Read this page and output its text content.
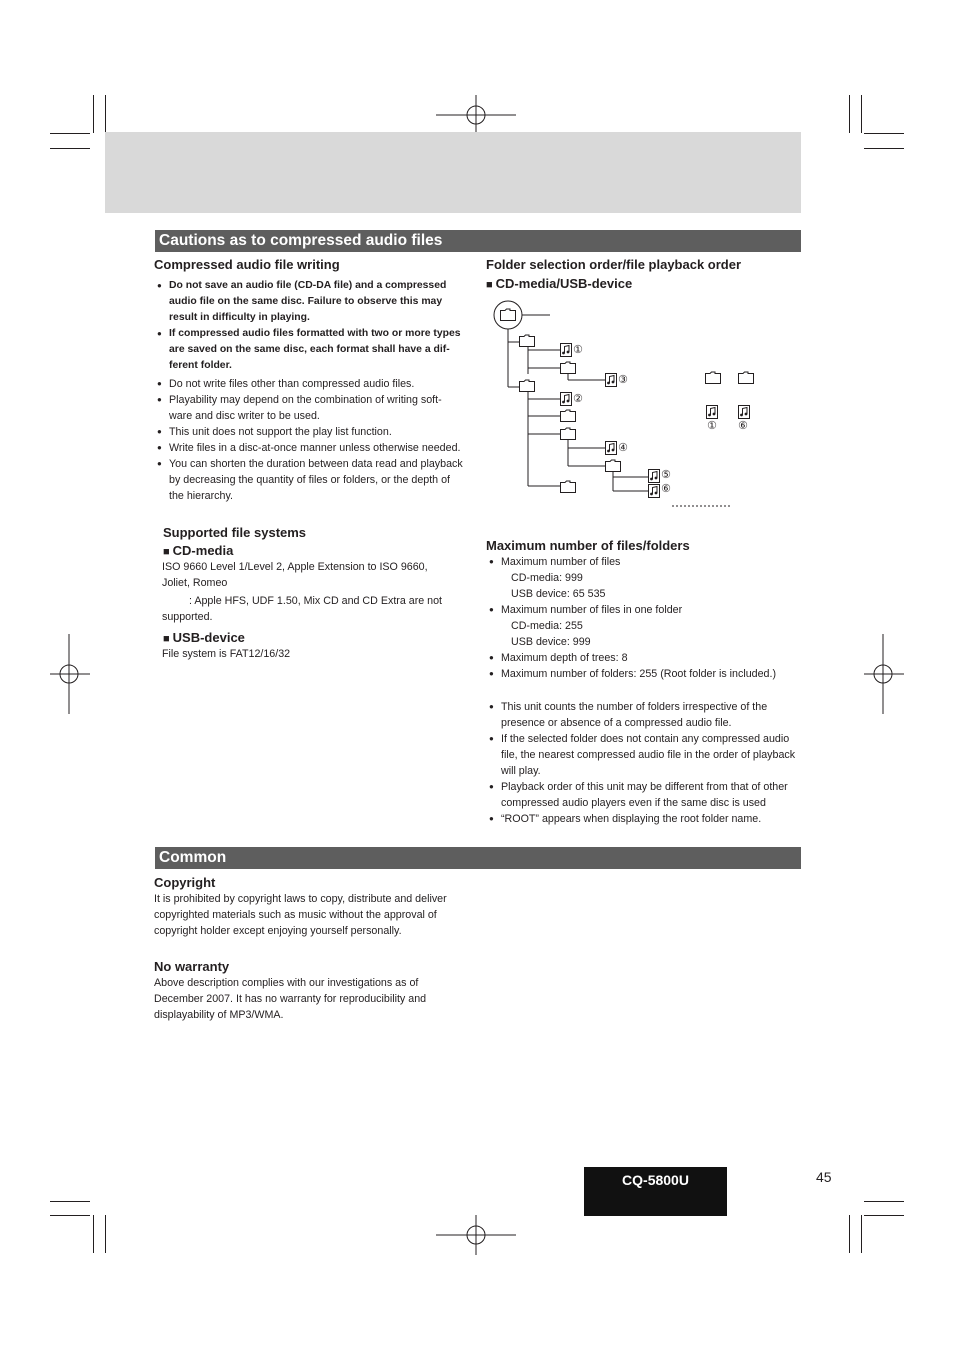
Cautions as to compressed audio files
Compressed audio file writing
● Do not save an audio file (CD-DA file) and a compressed
audio file on the same disc. Failure to observe this may
result in difficulty in playing.
● If compressed audio files formatted with two or more types
are saved on the same disc, each format shall have a dif-
ferent folder.
● Do not write files other than compressed audio files.
● Playability may depend on the combination of writing soft-
ware and disc writer to be used.
● This unit does not support the play list function.
● Write files in a disc-at-once manner unless otherwise needed.
● You can shorten the duration between data read and playback
by decreasing the quantity of files or folders, or the depth of
the hierarchy.
Supported file systems
■ CD-media
ISO 9660 Level 1/Level 2, Apple Extension to ISO 9660,
Joliet, Romeo
: Apple HFS, UDF 1.50, Mix CD and CD Extra are not
supported.
■ USB-device
File system is FAT12/16/32
Folder selection order/file playback order
■ CD-media/USB-device
①
②
③
④
⑤
⑥
① ⑥
Maximum number of files/folders
● Maximum number of files
CD-media: 999
USB device: 65 535
● Maximum number of files in one folder
CD-media: 255
USB device: 999
● Maximum depth of trees: 8
● Maximum number of folders: 255 (Root folder is included.)
● This unit counts the number of folders irrespective of the
presence or absence of a compressed audio file.
● If the selected folder does not contain any compressed audio
file, the nearest compressed audio file in the order of playback
will play.
● Playback order of this unit may be different from that of other
compressed audio players even if the same disc is used
● “ROOT” appears when displaying the root folder name.
Common
Copyright
It is prohibited by copyright laws to copy, distribute and deliver
copyrighted materials such as music without the approval of
copyright holder except enjoying yourself personally.
No warranty
Above description complies with our investigations as of
December 2007. It has no warranty for reproducibility and
displayability of MP3/WMA.
CQ-5800U	45
